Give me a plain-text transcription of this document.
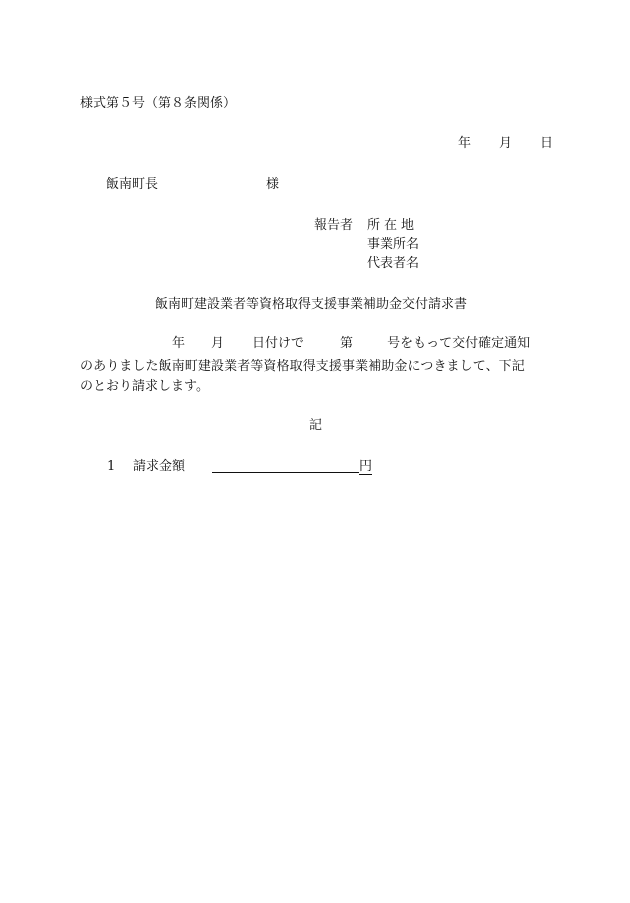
様式第５号（第８条関係）
年 月 日
飯南町長	様
報告者 所在地
事業所名
代表者名
飯南町建設業者等資格取得支援事業補助金交付請求書
年 月 日付けで	第	号をもって交付確定通知
のありました飯南町建設業者等資格取得支援事業補助金につきまして、下記
のとおり請求します。
記
1 請求金額	円
